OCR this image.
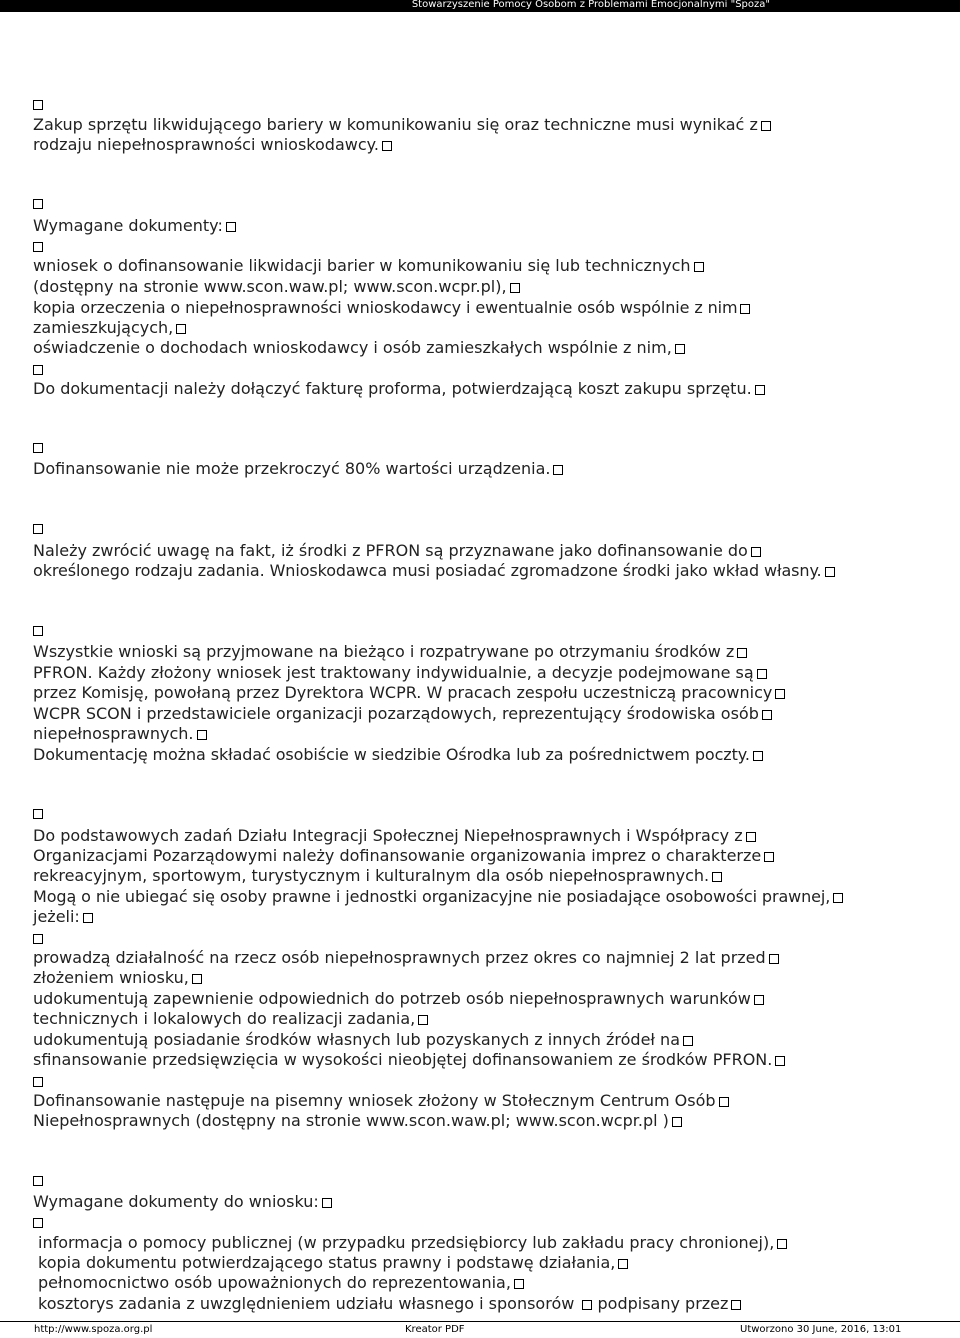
Stowarzyszenie Pomocy Osobom z Problemami Emocjonalnymi "Spoza"
Zakup sprzętu likwidującego bariery w komunikowaniu się oraz techniczne musi wynikać z
rodzaju niepełnosprawności wnioskodawcy.
Wymagane dokumenty:
wniosek o dofinansowanie likwidacji barier w komunikowaniu się lub technicznych
(dostępny na stronie www.scon.waw.pl; www.scon.wcpr.pl),
kopia orzeczenia o niepełnosprawności wnioskodawcy i ewentualnie osób wspólnie z nim
zamieszkujących,
oświadczenie o dochodach wnioskodawcy i osób zamieszkałych wspólnie z nim,
Do dokumentacji należy dołączyć fakturę proforma, potwierdzającą koszt zakupu sprzętu.
Dofinansowanie nie może przekroczyć 80% wartości urządzenia.
Należy zwrócić uwagę na fakt, iż środki z PFRON są przyznawane jako dofinansowanie do
określonego rodzaju zadania. Wnioskodawca musi posiadać zgromadzone środki jako wkład własny.
Wszystkie wnioski są przyjmowane na bieżąco i rozpatrywane po otrzymaniu środków z
PFRON. Każdy złożony wniosek jest traktowany indywidualnie, a decyzje podejmowane są
przez Komisję, powołaną przez Dyrektora WCPR. W pracach zespołu uczestniczą pracownicy
WCPR SCON i przedstawiciele organizacji pozarządowych, reprezentujący środowiska osób
niepełnosprawnych.
Dokumentację można składać osobiście w siedzibie Ośrodka lub za pośrednictwem poczty.
Do podstawowych zadań Działu Integracji Społecznej Niepełnosprawnych i Współpracy z
Organizacjami Pozarządowymi należy dofinansowanie organizowania imprez o charakterze
rekreacyjnym, sportowym, turystycznym i kulturalnym dla osób niepełnosprawnych.
Mogą o nie ubiegać się osoby prawne i jednostki organizacyjne nie posiadające osobowości prawnej,
jeżeli:
prowadzą działalność na rzecz osób niepełnosprawnych przez okres co najmniej 2 lat przed
złożeniem wniosku,
udokumentują zapewnienie odpowiednich do potrzeb osób niepełnosprawnych warunków
technicznych i lokalowych do realizacji zadania,
udokumentują posiadanie środków własnych lub pozyskanych z innych źródeł na
sfinansowanie przedsięwzięcia w wysokości nieobjętej dofinansowaniem ze środków PFRON.
Dofinansowanie następuje na pisemny wniosek złożony w Stołecznym Centrum Osób
Niepełnosprawnych (dostępny na stronie www.scon.waw.pl; www.scon.wcpr.pl )
Wymagane dokumenty do wniosku:
informacja o pomocy publicznej (w przypadku przedsiębiorcy lub zakładu pracy chronionej),
kopia dokumentu potwierdzającego status prawny i podstawę działania,
pełnomocnictwo osób upoważnionych do reprezentowania,
kosztorys zadania z uwzględnieniem udziału własnego i sponsorów  podpisany przez
http://www.spoza.org.pl	Kreator PDF	Utworzono 30 June, 2016, 13:01
